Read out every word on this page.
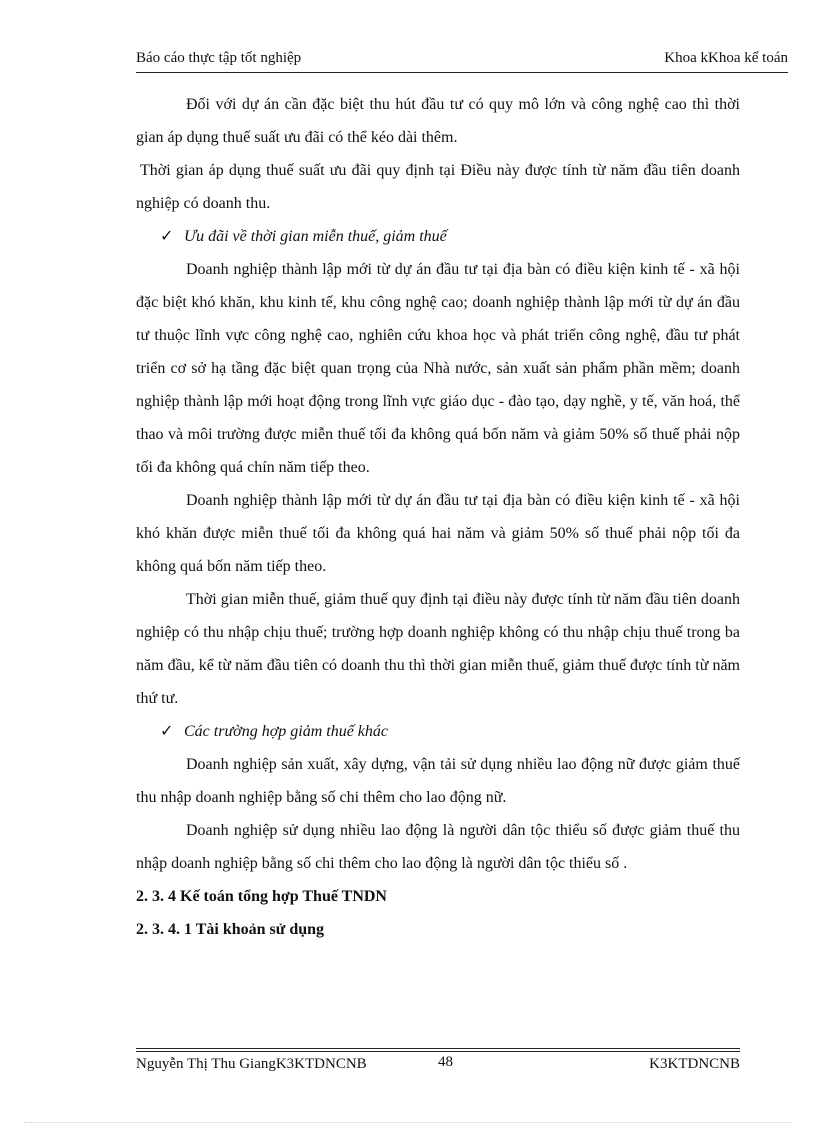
Báo cáo thực tập tốt nghiệp	Khoa kKhoa kế toán

Đối với dự án cần đặc biệt thu hút đầu tư có quy mô lớn và công nghệ cao thì thời gian áp dụng thuế suất ưu đãi có thể kéo dài thêm.

Thời gian áp dụng thuế suất ưu đãi quy định tại Điều này được tính từ năm đầu tiên doanh nghiệp có doanh thu.

✓ Ưu đãi về thời gian miễn thuế, giảm thuế

Doanh nghiệp thành lập mới từ dự án đầu tư tại địa bàn có điều kiện kinh tế - xã hội đặc biệt khó khăn, khu kinh tế, khu công nghệ cao; doanh nghiệp thành lập mới từ dự án đầu tư thuộc lĩnh vực công nghệ cao, nghiên cứu khoa học và phát triển công nghệ, đầu tư phát triển cơ sở hạ tầng đặc biệt quan trọng của Nhà nước, sản xuất sản phẩm phần mềm; doanh nghiệp thành lập mới hoạt động trong lĩnh vực giáo dục - đào tạo, dạy nghề, y tế, văn hoá, thể thao và môi trường được miễn thuế tối đa không quá bốn năm và giảm 50% số thuế phải nộp tối đa không quá chín năm tiếp theo.

Doanh nghiệp thành lập mới từ dự án đầu tư tại địa bàn có điều kiện kinh tế - xã hội khó khăn được miễn thuế tối đa không quá hai năm và giảm 50% số thuế phải nộp tối đa không quá bốn năm tiếp theo.

Thời gian miễn thuế, giảm thuế quy định tại điều này được tính từ năm đầu tiên doanh nghiệp có thu nhập chịu thuế; trường hợp doanh nghiệp không có thu nhập chịu thuế trong ba năm đầu, kể từ năm đầu tiên có doanh thu thì thời gian miễn thuế, giảm thuế được tính từ năm thứ tư.

✓ Các trường hợp giảm thuế khác

Doanh nghiệp sản xuất, xây dựng, vận tải sử dụng nhiều lao động nữ được giảm thuế thu nhập doanh nghiệp bằng số chi thêm cho lao động nữ.

Doanh nghiệp sử dụng nhiều lao động là người dân tộc thiểu số được giảm thuế thu nhập doanh nghiệp bằng số chi thêm cho lao động là người dân tộc thiểu số .

2. 3. 4 Kế toán tổng hợp Thuế TNDN

2. 3. 4. 1 Tài khoản sử dụng

Nguyễn Thị Thu GiangK3KTDNCNB	48	K3KTDNCNB
